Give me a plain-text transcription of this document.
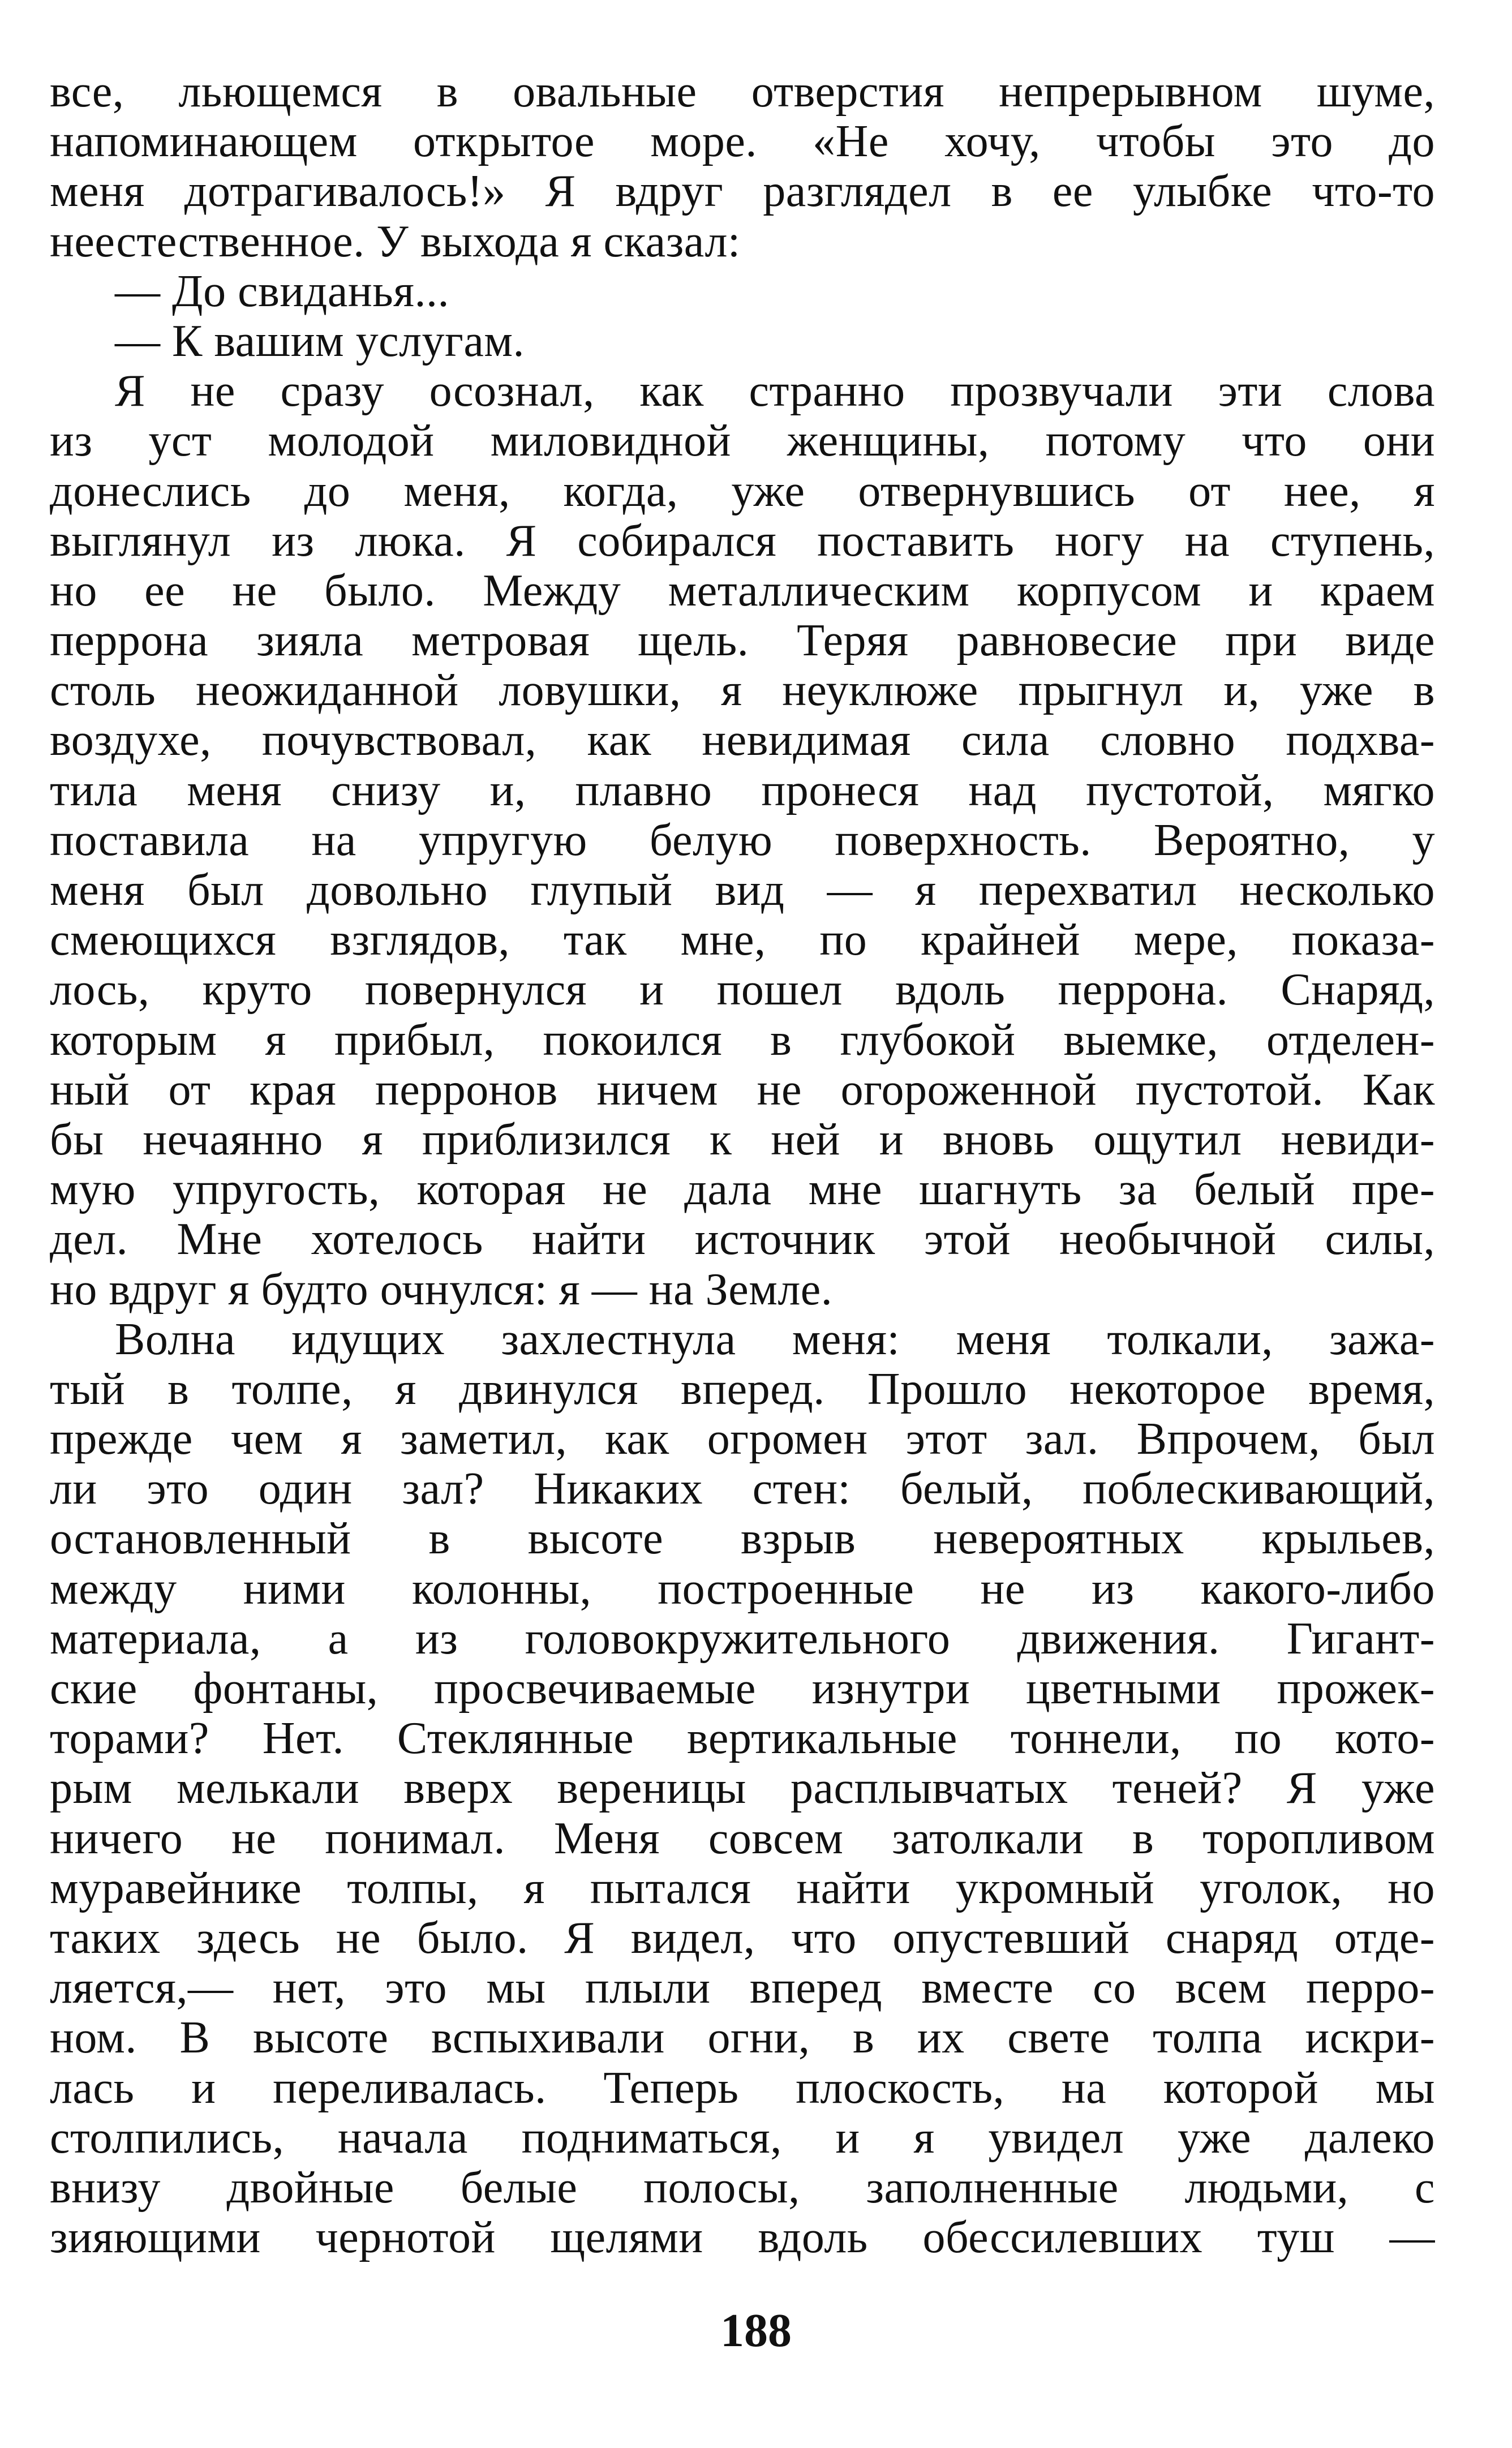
все, льющемся в овальные отверстия непрерывном шуме,
напоминающем открытое море. «Не хочу, чтобы это до
меня дотрагивалось!» Я вдруг разглядел в ее улыбке что-то
неестественное. У выхода я сказал:
— До свиданья...
— К вашим услугам.
Я не сразу осознал, как странно прозвучали эти слова
из уст молодой миловидной женщины, потому что они
донеслись до меня, когда, уже отвернувшись от нее, я
выглянул из люка. Я собирался поставить ногу на ступень,
но ее не было. Между металлическим корпусом и краем
перрона зияла метровая щель. Теряя равновесие при виде
столь неожиданной ловушки, я неуклюже прыгнул и, уже в
воздухе, почувствовал, как невидимая сила словно подхва-
тила меня снизу и, плавно пронеся над пустотой, мягко
поставила на упругую белую поверхность. Вероятно, у
меня был довольно глупый вид — я перехватил несколько
смеющихся взглядов, так мне, по крайней мере, показа-
лось, круто повернулся и пошел вдоль перрона. Снаряд,
которым я прибыл, покоился в глубокой выемке, отделен-
ный от края перронов ничем не огороженной пустотой. Как
бы нечаянно я приблизился к ней и вновь ощутил невиди-
мую упругость, которая не дала мне шагнуть за белый пре-
дел. Мне хотелось найти источник этой необычной силы,
но вдруг я будто очнулся: я — на Земле.
Волна идущих захлестнула меня: меня толкали, зажа-
тый в толпе, я двинулся вперед. Прошло некоторое время,
прежде чем я заметил, как огромен этот зал. Впрочем, был
ли это один зал? Никаких стен: белый, поблескивающий,
остановленный в высоте взрыв невероятных крыльев,
между ними колонны, построенные не из какого-либо
материала, а из головокружительного движения. Гигант-
ские фонтаны, просвечиваемые изнутри цветными прожек-
торами? Нет. Стеклянные вертикальные тоннели, по кото-
рым мелькали вверх вереницы расплывчатых теней? Я уже
ничего не понимал. Меня совсем затолкали в торопливом
муравейнике толпы, я пытался найти укромный уголок, но
таких здесь не было. Я видел, что опустевший снаряд отде-
ляется,— нет, это мы плыли вперед вместе со всем перро-
ном. В высоте вспыхивали огни, в их свете толпа искри-
лась и переливалась. Теперь плоскость, на которой мы
столпились, начала подниматься, и я увидел уже далеко
внизу двойные белые полосы, заполненные людьми, с
зияющими чернотой щелями вдоль обессилевших туш —
188
